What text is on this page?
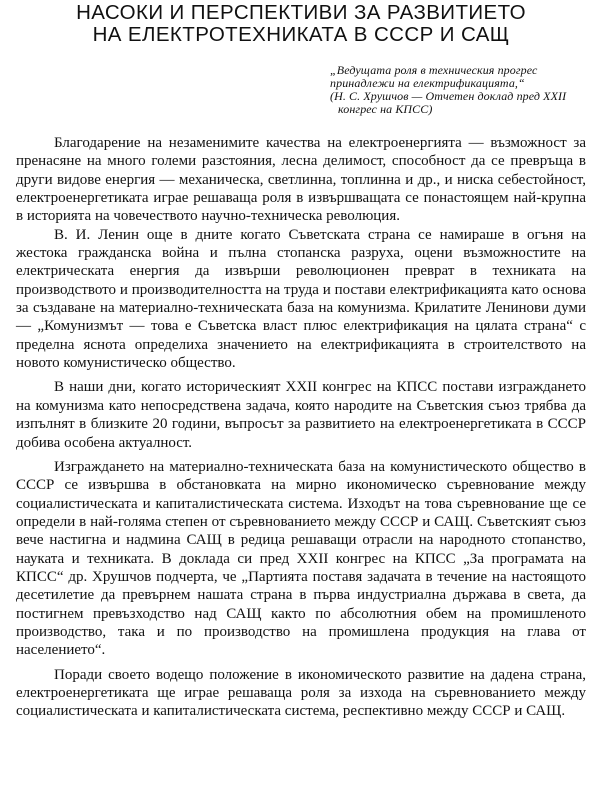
НАСОКИ И ПЕРСПЕКТИВИ ЗА РАЗВИТИЕТО
НА ЕЛЕКТРОТЕХНИКАТА В СССР И САЩ
„Ведущата роля в техническия прогрес принадлежи на електрификацията,“
(Н. С. Хрушчов — Отчетен доклад пред XXII конгрес на КПСС)

Благодарение на незаменимите качества на електроенергията — възможност за пренасяне на много големи разстояния, лесна делимост, способност да се превръща в други видове енергия — механическа, светлинна, топлинна и др., и ниска себестойност, електроенергетиката играе решаваща роля в извършващата се понастоящем най-крупна в историята на човечеството научно-техническа революция.

В. И. Ленин още в дните когато Съветската страна се намираше в огъня на жестока гражданска война и пълна стопанска разруха, оцени възможностите на електрическата енергия да извърши революционен преврат в техниката на производството и производителността на труда и постави електрификацията като основа за създаване на материално-техническата база на комунизма. Крилатите Ленинови думи — „Комунизмът — това е Съветска власт плюс електрификация на цялата страна“ с пределна яснота определиха значението на електрификацията в строителството на новото комунистическо общество.

В наши дни, когато историческият XXII конгрес на КПСС постави изграждането на комунизма като непосредствена задача, която народите на Съветския съюз трябва да изпълнят в близките 20 години, въпросът за развитието на електроенергетиката в СССР добива особена актуалност.

Изграждането на материално-техническата база на комунистическото общество в СССР се извършва в обстановката на мирно икономическо съревнование между социалистическата и капиталистическата система. Изходът на това съревнование ще се определи в най-голяма степен от съревнованието между СССР и САЩ. Съветският съюз вече настигна и надмина САЩ в редица решаващи отрасли на народното стопанство, науката и техниката. В доклада си пред XXII конгрес на КПСС „За програмата на КПСС“ др. Хрушчов подчерта, че „Партията поставя задачата в течение на настоящото десетилетие да превърнем нашата страна в първа индустриална държава в света, да постигнем превъзходство над САЩ както по абсолютния обем на промишленото производство, така и по производство на промишлена продукция на глава от населението“.

Поради своето водещо положение в икономическото развитие на дадена страна, електроенергетиката ще играе решаваща роля за изхода на съревнованието между социалистическата и капиталистическата система, респективно между СССР и САЩ.
